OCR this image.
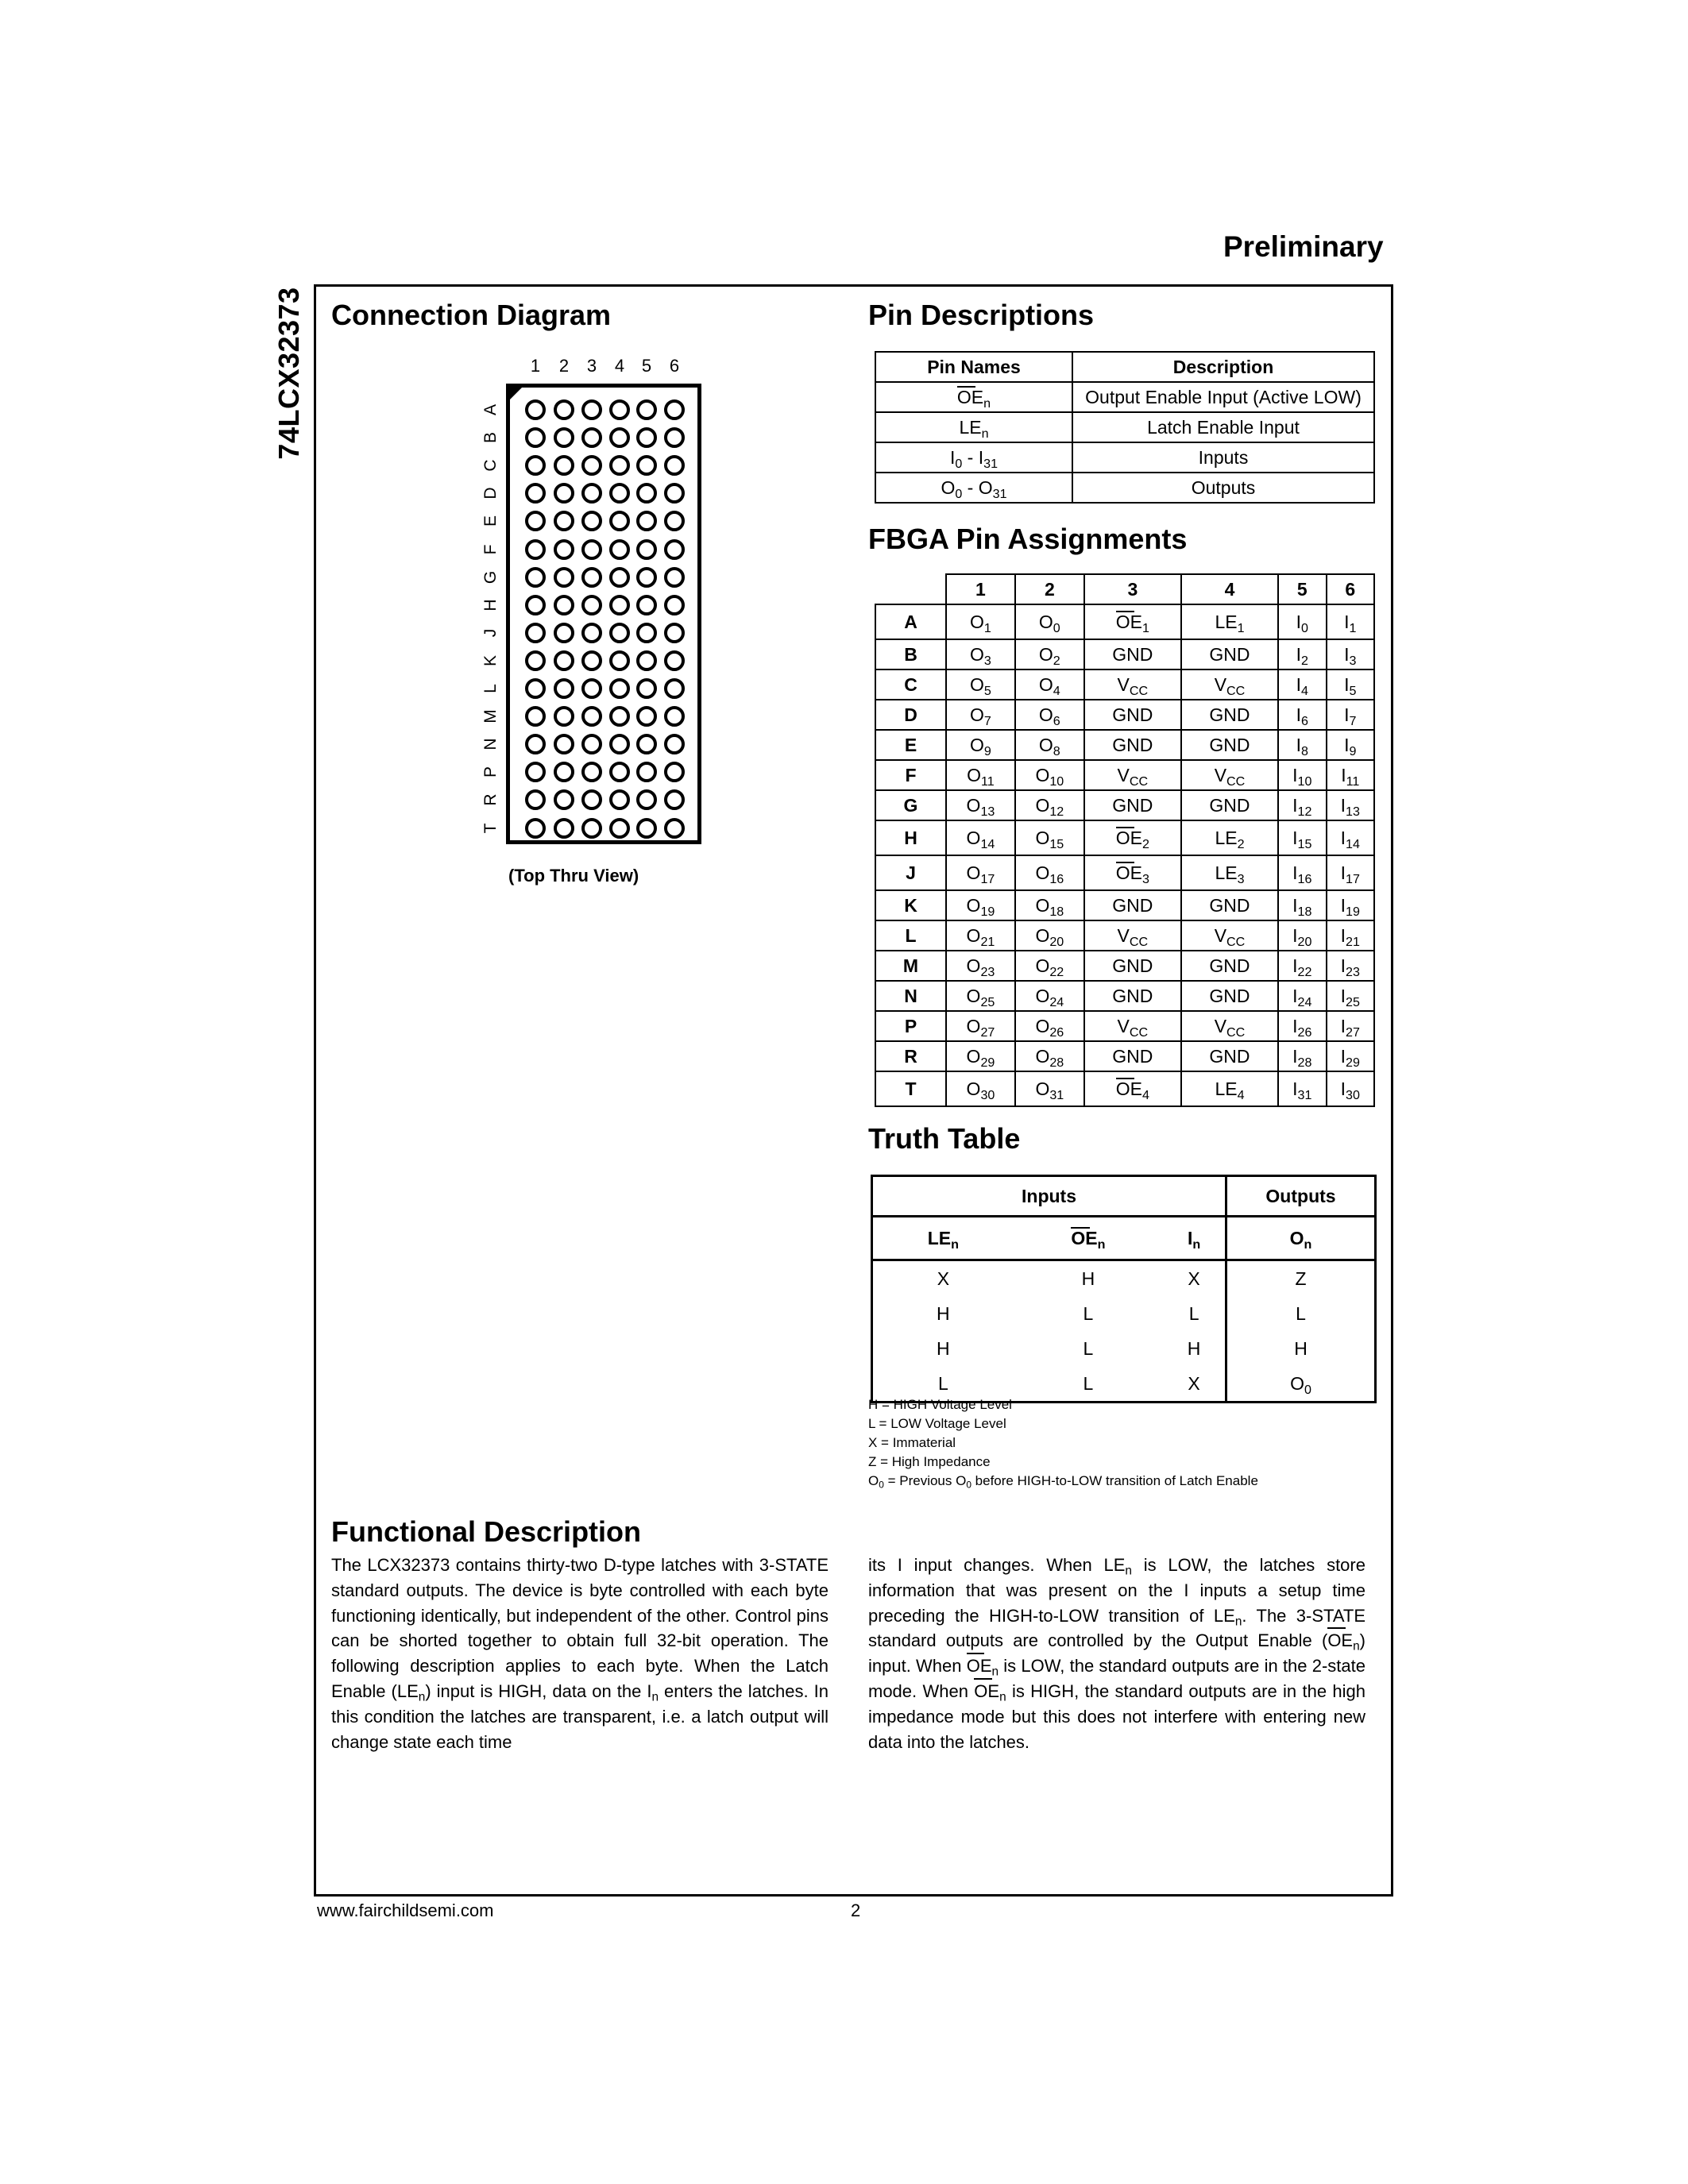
Preliminary
74LCX32373 Connection Diagram
1 2 3 4 5 6
A
B
C
D
E
F
G
H
J
K
L
M
N
P
R
T
(Top Thru View)
Pin Descriptions
Pin Names	Description
$OE_n$	Output Enable Input (Active LOW)
$LE_n$	Latch Enable Input
$I_0 - I_{31}$	Inputs
$O_0 - O_{31}$	Outputs
FBGA Pin Assignments
	1	2	3	4	5	6
A	$O_1$	$O_0$	$OE_1$	$LE_1$	$I_0$	$I_1$
B	$O_3$	$O_2$	GND	GND	$I_2$	$I_3$
C	$O_5$	$O_4$	$V_{CC}$	$V_{CC}$	$I_4$	$I_5$
D	$O_7$	$O_6$	GND	GND	$I_6$	$I_7$
E	$O_9$	$O_8$	GND	GND	$I_8$	$I_9$
F	$O_{11}$	$O_{10}$	$V_{CC}$	$V_{CC}$	$I_{10}$	$I_{11}$
G	$O_{13}$	$O_{12}$	GND	GND	$I_{12}$	$I_{13}$
H	$O_{14}$	$O_{15}$	$OE_2$	$LE_2$	$I_{15}$	$I_{14}$
J	$O_{17}$	$O_{16}$	$OE_3$	$LE_3$	$I_{16}$	$I_{17}$
K	$O_{19}$	$O_{18}$	GND	GND	$I_{18}$	$I_{19}$
L	$O_{21}$	$O_{20}$	$V_{CC}$	$V_{CC}$	$I_{20}$	$I_{21}$
M	$O_{23}$	$O_{22}$	GND	GND	$I_{22}$	$I_{23}$
N	$O_{25}$	$O_{24}$	GND	GND	$I_{24}$	$I_{25}$
P	$O_{27}$	$O_{26}$	$V_{CC}$	$V_{CC}$	$I_{26}$	$I_{27}$
R	$O_{29}$	$O_{28}$	GND	GND	$I_{28}$	$I_{29}$
T	$O_{30}$	$O_{31}$	$OE_4$	$LE_4$	$I_{31}$	$I_{30}$
Truth Table
Inputs			Outputs
$LE_n$	$OE_n$	$I_n$	$O_n$
X	H	X	Z
H	L	L	L
H	L	H	H
L	L	X	$O_0$
H = HIGH Voltage Level
L = LOW Voltage Level
X = Immaterial
Z = High Impedance
$O_0$ = Previous $O_0$ before HIGH-to-LOW transition of Latch Enable
Functional Description
The LCX32373 contains thirty-two D-type latches with 3-STATE standard outputs. The device is byte controlled with each byte functioning identically, but independent of the other. Control pins can be shorted together to obtain full 32-bit operation. The following description applies to each byte. When the Latch Enable $(LE_n)$ input is HIGH, data on the $I_n$ enters the latches. In this condition the latches are transparent, i.e. a latch output will change state each time
its I input changes. When $LE_n$ is LOW, the latches store information that was present on the I inputs a setup time preceding the HIGH-to-LOW transition of $LE_n$. The 3-STATE standard outputs are controlled by the Output Enable $(OE_n)$ input. When $OE_n$ is LOW, the standard outputs are in the 2-state mode. When $OE_n$ is HIGH, the standard outputs are in the high impedance mode but this does not interfere with entering new data into the latches.
www.fairchildsemi.com	2
